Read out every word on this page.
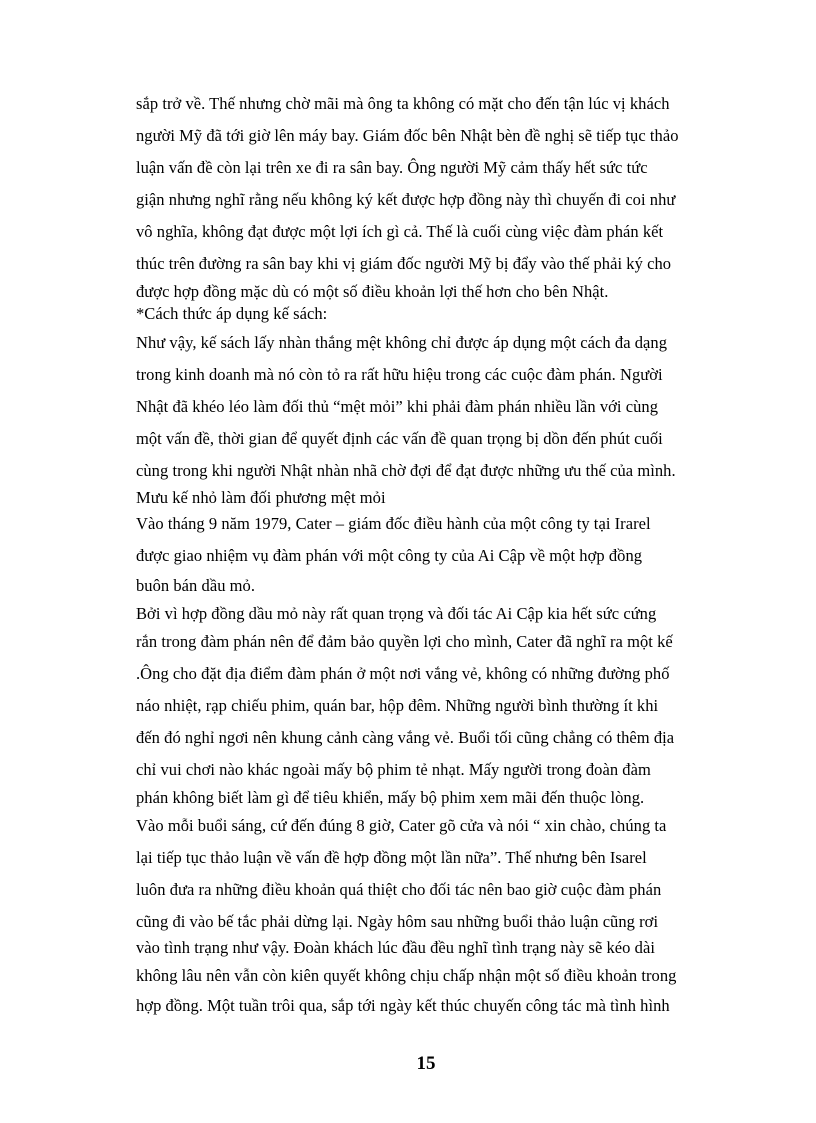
sắp trở về. Thế nhưng chờ mãi mà ông ta không có mặt cho đến tận lúc vị khách
người Mỹ đã tới giờ lên máy bay. Giám đốc bên Nhật bèn đề nghị sẽ tiếp tục thảo
luận vấn đề còn lại trên xe đi ra sân bay. Ông người Mỹ cảm thấy hết sức tức
giận nhưng nghĩ rằng nếu không ký kết được hợp đồng này thì chuyến đi coi như
vô nghĩa, không đạt được một lợi ích gì cả. Thế là cuối cùng việc đàm phán kết
thúc trên đường ra sân bay khi vị giám đốc người Mỹ bị đẩy vào thế phải ký cho
được hợp đồng mặc dù có một số điều khoản lợi thế hơn cho bên Nhật.
*Cách thức áp dụng kế sách:
Như vậy, kế sách lấy nhàn thắng mệt không chỉ được áp dụng một cách đa dạng
trong kinh doanh mà nó còn tỏ ra rất hữu hiệu trong các cuộc đàm phán. Người
Nhật đã khéo léo làm đối thủ “mệt mỏi” khi phải đàm phán nhiều lần với cùng
một vấn đề, thời gian để quyết định các vấn đề quan trọng bị dồn đến phút cuối
cùng trong khi người Nhật nhàn nhã chờ đợi để đạt được những ưu thế của mình.
Mưu kế nhỏ làm đối phương mệt mỏi
Vào tháng 9 năm 1979, Cater – giám đốc điều hành của một công ty tại Irarel
được giao nhiệm vụ đàm phán với một công ty của Ai Cập về một hợp đồng
buôn bán dầu mỏ.
Bởi vì hợp đồng dầu mỏ này rất quan trọng và đối tác Ai Cập kia hết sức cứng
rắn trong đàm phán nên để đảm bảo quyền lợi cho mình, Cater đã nghĩ ra một kế
.Ông cho đặt địa điểm đàm phán ở một nơi vắng vẻ, không có những đường phố
náo nhiệt, rạp chiếu phim, quán bar, hộp đêm. Những người bình thường ít khi
đến đó nghỉ ngơi nên khung cảnh càng vắng vẻ. Buổi tối cũng chẳng có thêm địa
chỉ vui chơi nào khác ngoài mấy bộ phim tẻ nhạt. Mấy người trong đoàn đàm
phán không biết làm gì để tiêu khiển, mấy bộ phim xem mãi đến thuộc lòng.
Vào mỗi buổi sáng, cứ đến đúng 8 giờ, Cater gõ cửa và nói “ xin chào, chúng ta
lại tiếp tục thảo luận về vấn đề hợp đồng một lần nữa”. Thế nhưng bên Isarel
luôn đưa ra những điều khoản quá thiệt cho đối tác nên bao giờ cuộc đàm phán
cũng đi vào bế tắc phải dừng lại. Ngày hôm sau những buổi thảo luận cũng rơi
vào tình trạng như vậy. Đoàn khách lúc đầu đều nghĩ tình trạng này sẽ kéo dài
không lâu nên vẫn còn kiên quyết không chịu chấp nhận một số điều khoản trong
hợp đồng. Một tuần trôi qua, sắp tới ngày kết thúc chuyến công tác mà tình hình
15
